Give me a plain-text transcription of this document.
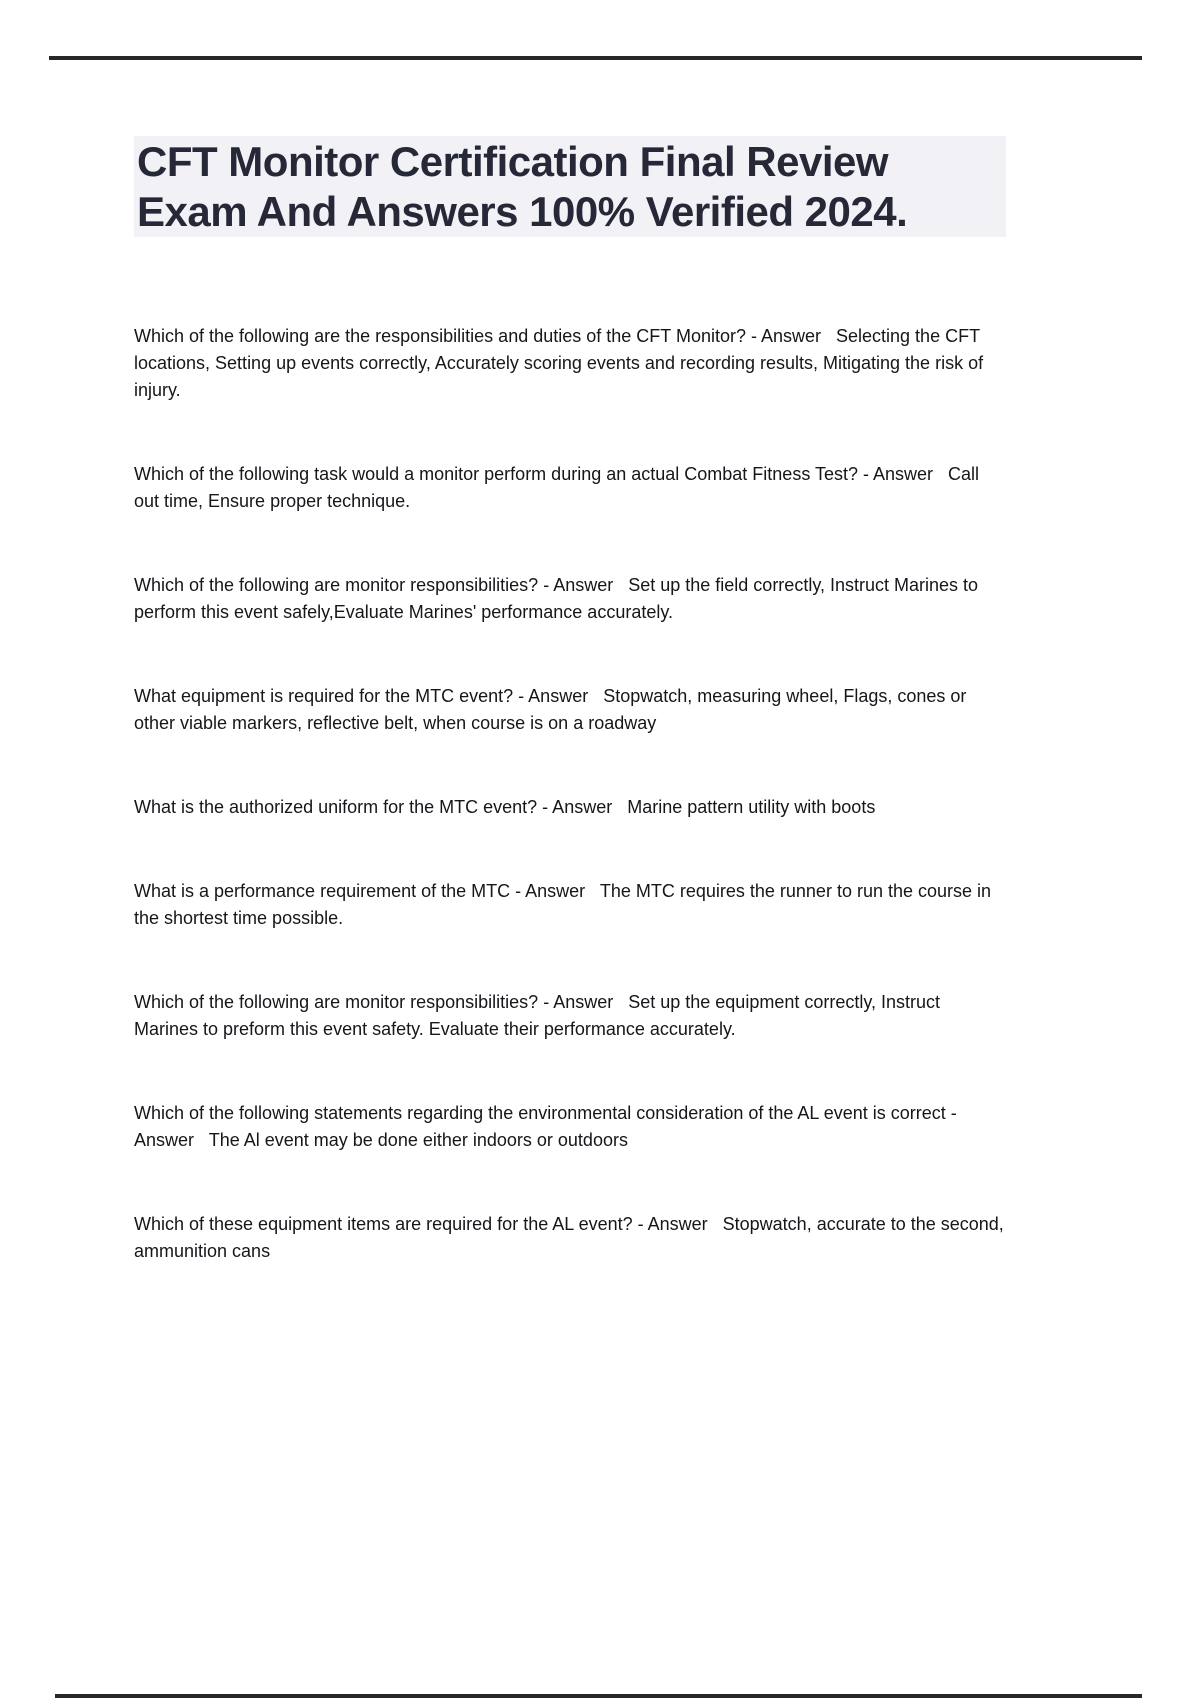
CFT Monitor Certification Final Review Exam And Answers 100% Verified 2024.

Which of the following are the responsibilities and duties of the CFT Monitor? - Answer   Selecting the CFT locations, Setting up events correctly, Accurately scoring events and recording results, Mitigating the risk of injury.

Which of the following task would a monitor perform during an actual Combat Fitness Test? - Answer   Call out time, Ensure proper technique.

Which of the following are monitor responsibilities? - Answer   Set up the field correctly, Instruct Marines to perform this event safely,Evaluate Marines' performance accurately.

What equipment is required for the MTC event? - Answer   Stopwatch, measuring wheel, Flags, cones or other viable markers, reflective belt, when course is on a roadway

What is the authorized uniform for the MTC event? - Answer   Marine pattern utility with boots

What is a performance requirement of the MTC - Answer   The MTC requires the runner to run the course in the shortest time possible.

Which of the following are monitor responsibilities? - Answer   Set up the equipment correctly, Instruct Marines to preform this event safety. Evaluate their performance accurately.

Which of the following statements regarding the environmental consideration of the AL event is correct - Answer   The Al event may be done either indoors or outdoors

Which of these equipment items are required for the AL event? - Answer   Stopwatch, accurate to the second, ammunition cans
